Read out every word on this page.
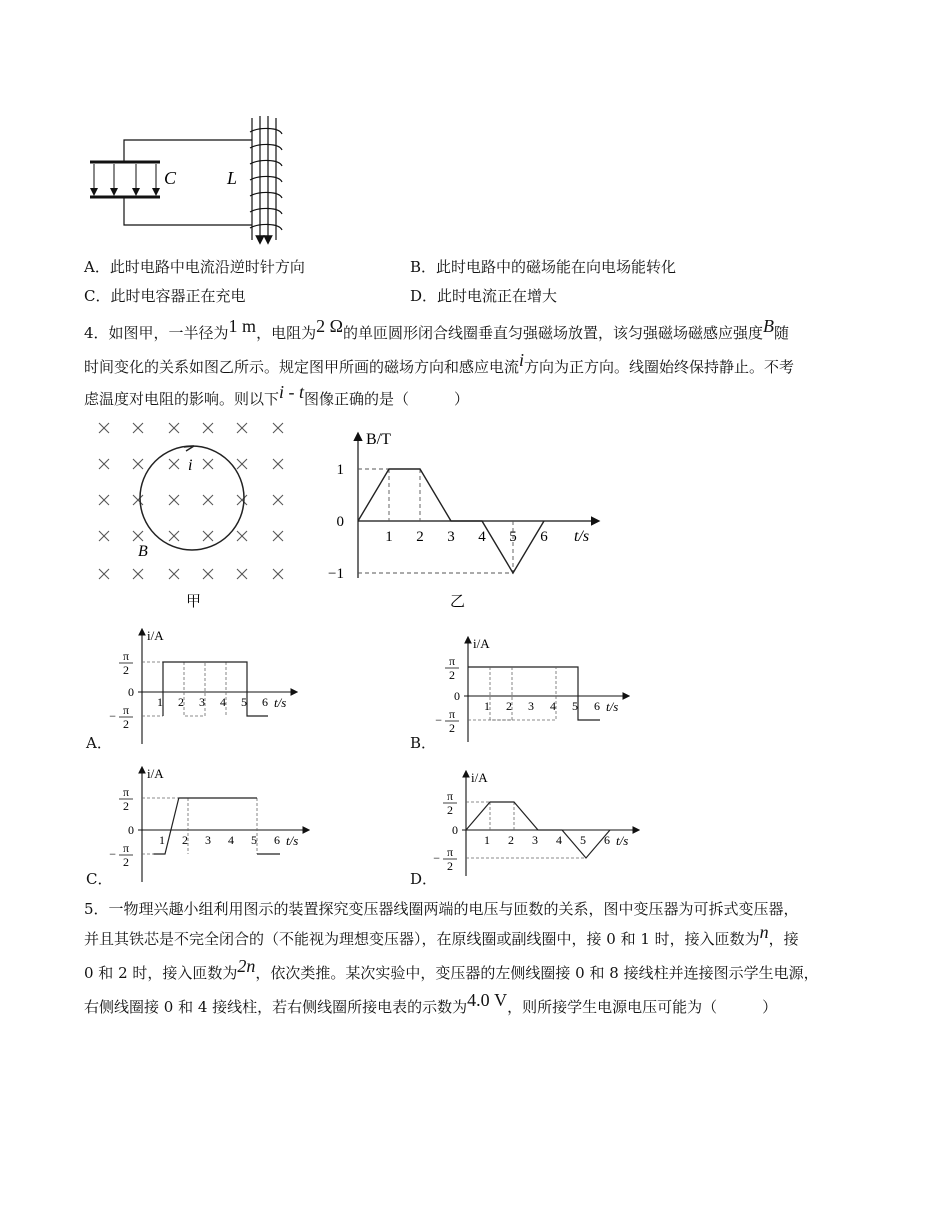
C	L
A．此时电路中电流沿逆时针方向	B．此时电路中的磁场能在向电场能转化
C．此时电容器正在充电	D．此时电流正在增大
4．如图甲，一半径为1 m，电阻为2 Ω的单匝圆形闭合线圈垂直匀强磁场放置，该匀强磁场磁感应强度B随
时间变化的关系如图乙所示。规定图甲所画的磁场方向和感应电流i方向为正方向。线圈始终保持静止。不考
虑温度对电阻的影响。则以下i - t图像正确的是（　　　）
i
B
甲
B/T
t/s
1
0
−1
1 2 3 4 5 6
乙
A．	B．
C．	D．
i/A
t/s
0
π
2
− π
2
1 2 3 4 5 6
i/A
t/s
0
π
2
− π
2
1 2 3 4 5 6
i/A
t/s
0
π
2
− π
2
1 2 3 4 5 6
i/A
t/s
0
π
2
− π
2
1 2 3 4 5 6
5．一物理兴趣小组利用图示的装置探究变压器线圈两端的电压与匝数的关系，图中变压器为可拆式变压器，
并且其铁芯是不完全闭合的（不能视为理想变压器），在原线圈或副线圈中，接 0 和 1 时，接入匝数为n，接
0 和 2 时，接入匝数为2n，依次类推。某次实验中，变压器的左侧线圈接 0 和 8 接线柱并连接图示学生电源，
右侧线圈接 0 和 4 接线柱，若右侧线圈所接电表的示数为4.0 V，则所接学生电源电压可能为（　　　）
